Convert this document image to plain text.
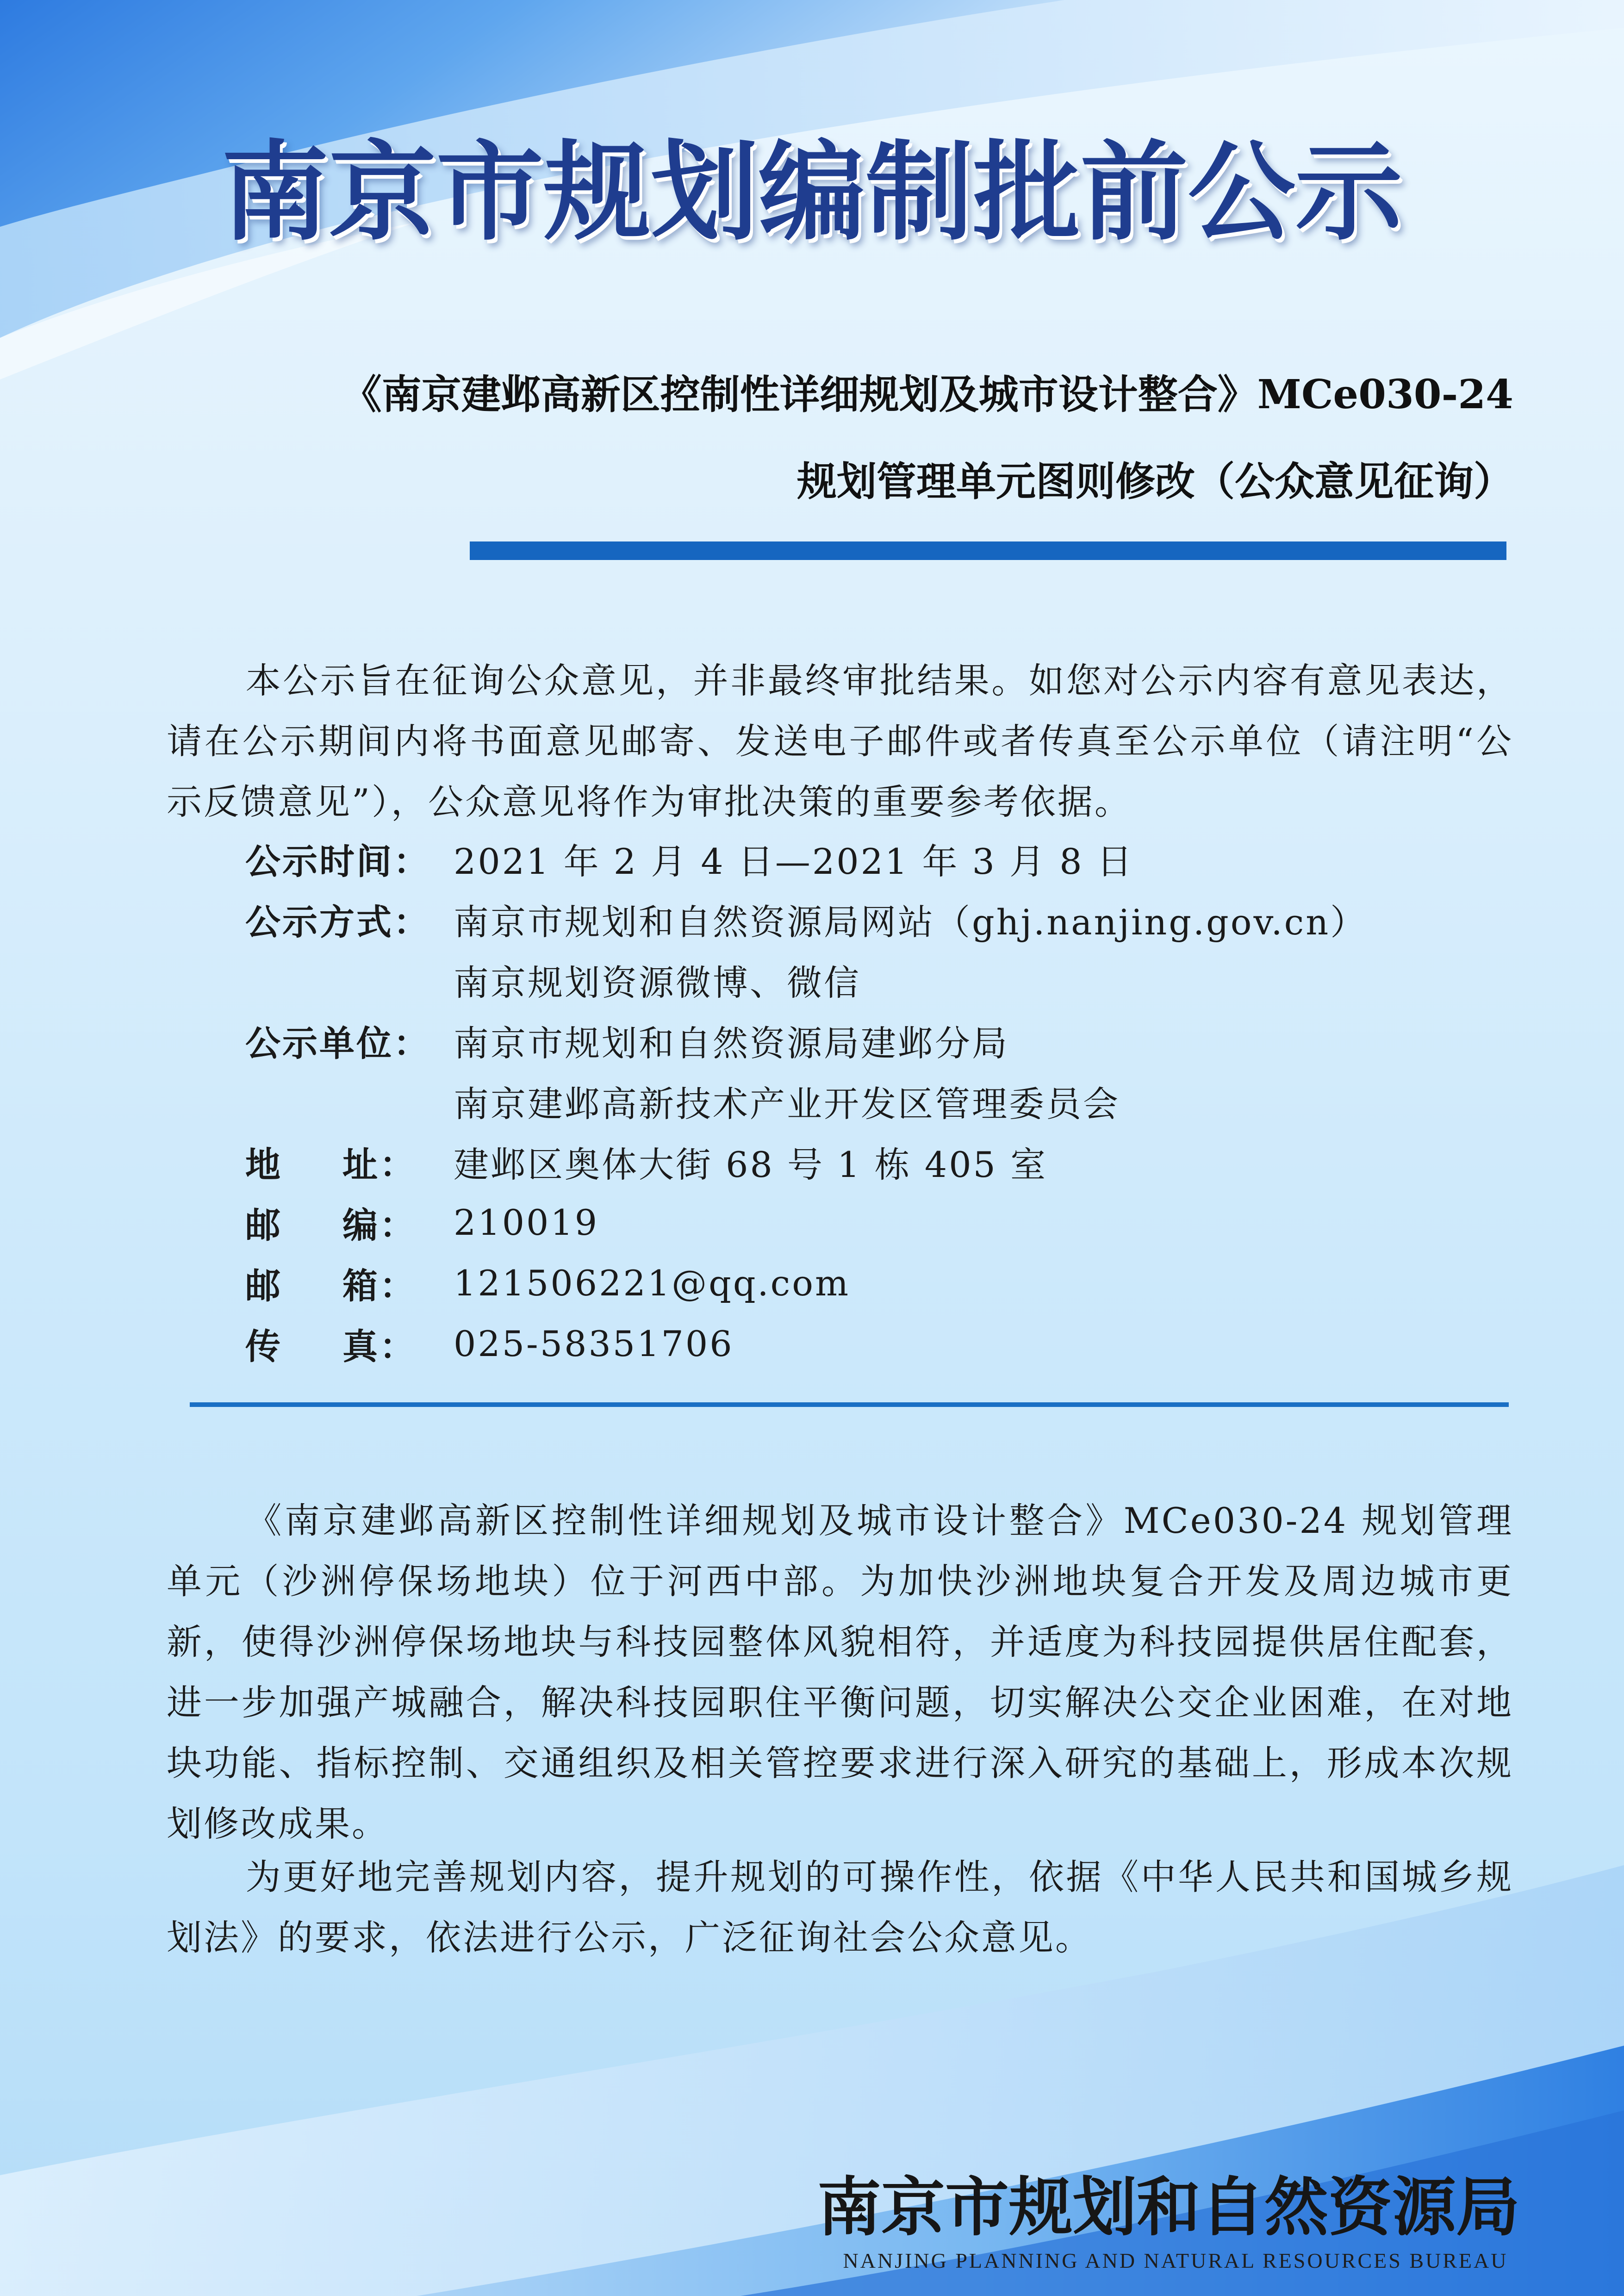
南京市规划编制批前公示
《南京建邺高新区控制性详细规划及城市设计整合》MCe030-24
规划管理单元图则修改（公众意见征询）
本公示旨在征询公众意见，并非最终审批结果。如您对公示内容有意见表达，请在公示期间内将书面意见邮寄、发送电子邮件或者传真至公示单位（请注明“公示反馈意见”），公众意见将作为审批决策的重要参考依据。
公示时间： 2021 年 2 月 4 日—2021 年 3 月 8 日
公示方式： 南京市规划和自然资源局网站（ghj.nanjing.gov.cn）
南京规划资源微博、微信
公示单位： 南京市规划和自然资源局建邺分局
南京建邺高新技术产业开发区管理委员会
地 址： 建邺区奥体大街 68 号 1 栋 405 室
邮 编： 210019
邮 箱： 121506221@qq.com
传 真： 025-58351706
《南京建邺高新区控制性详细规划及城市设计整合》MCe030-24 规划管理单元（沙洲停保场地块）位于河西中部。为加快沙洲地块复合开发及周边城市更新，使得沙洲停保场地块与科技园整体风貌相符，并适度为科技园提供居住配套，进一步加强产城融合，解决科技园职住平衡问题，切实解决公交企业困难，在对地块功能、指标控制、交通组织及相关管控要求进行深入研究的基础上，形成本次规划修改成果。
为更好地完善规划内容，提升规划的可操作性，依据《中华人民共和国城乡规划法》的要求，依法进行公示，广泛征询社会公众意见。
南京市规划和自然资源局
NANJING PLANNING AND NATURAL RESOURCES BUREAU
